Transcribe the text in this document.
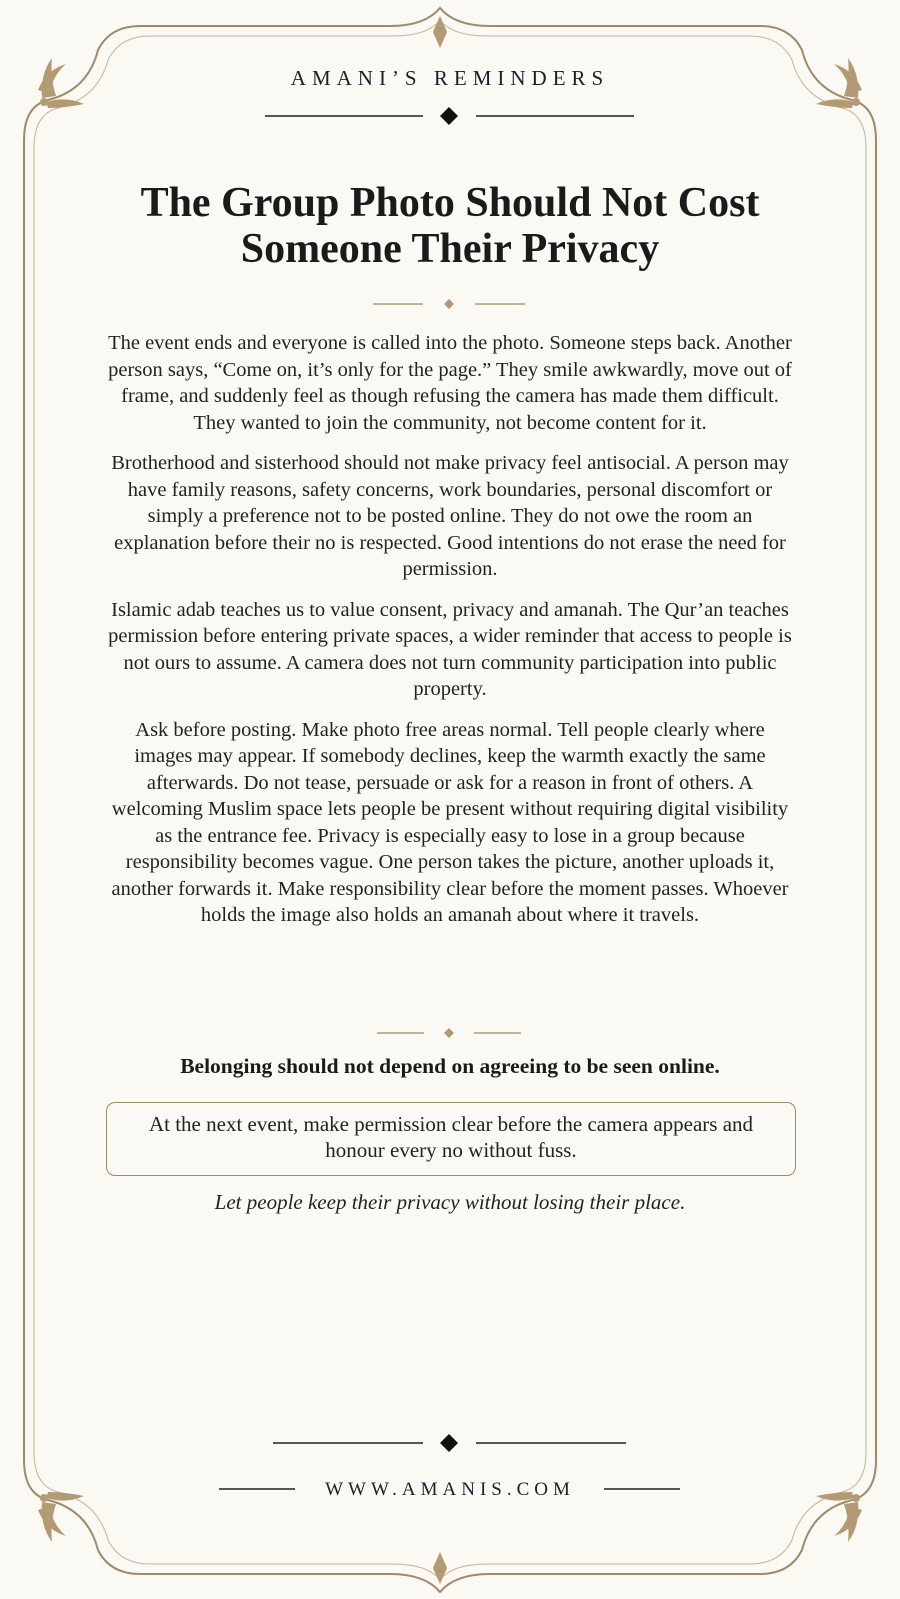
AMANI’S REMINDERS
The Group Photo Should Not Cost Someone Their Privacy

The event ends and everyone is called into the photo. Someone steps back. Another person says, “Come on, it’s only for the page.” They smile awkwardly, move out of frame, and suddenly feel as though refusing the camera has made them difficult. They wanted to join the community, not become content for it.

Brotherhood and sisterhood should not make privacy feel antisocial. A person may have family reasons, safety concerns, work boundaries, personal discomfort or simply a preference not to be posted online. They do not owe the room an explanation before their no is respected. Good intentions do not erase the need for permission.

Islamic adab teaches us to value consent, privacy and amanah. The Qur’an teaches permission before entering private spaces, a wider reminder that access to people is not ours to assume. A camera does not turn community participation into public property.

Ask before posting. Make photo free areas normal. Tell people clearly where images may appear. If somebody declines, keep the warmth exactly the same afterwards. Do not tease, persuade or ask for a reason in front of others. A welcoming Muslim space lets people be present without requiring digital visibility as the entrance fee. Privacy is especially easy to lose in a group because responsibility becomes vague. One person takes the picture, another uploads it, another forwards it. Make responsibility clear before the moment passes. Whoever holds the image also holds an amanah about where it travels.

Belonging should not depend on agreeing to be seen online.
At the next event, make permission clear before the camera appears and honour every no without fuss.
Let people keep their privacy without losing their place.
WWW.AMANIS.COM
